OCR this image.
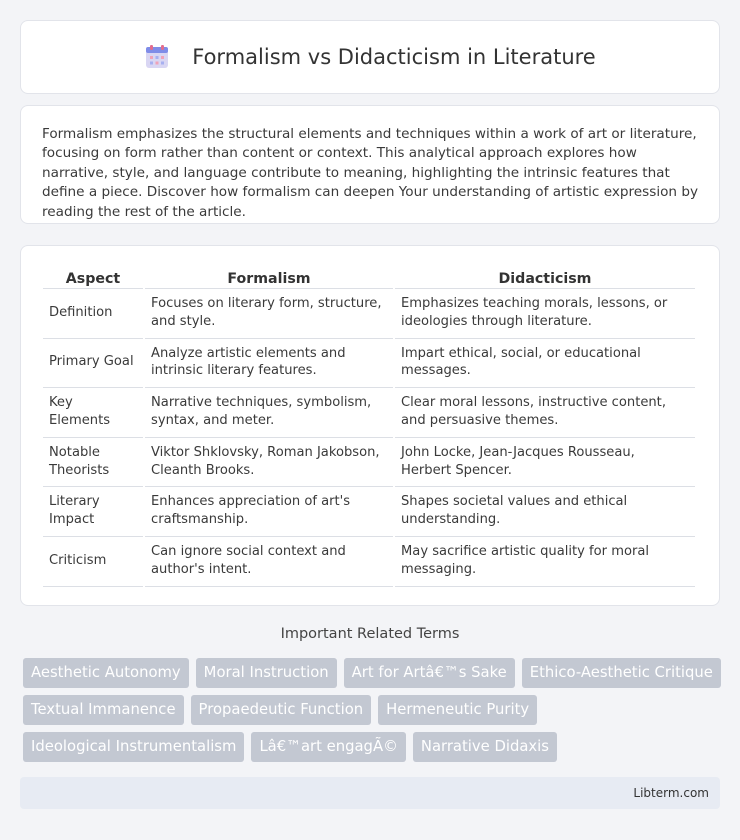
Formalism vs Didacticism in Literature

Formalism emphasizes the structural elements and techniques within a work of art or literature, focusing on form rather than content or context. This analytical approach explores how narrative, style, and language contribute to meaning, highlighting the intrinsic features that define a piece. Discover how formalism can deepen Your understanding of artistic expression by reading the rest of the article.

Aspect	Formalism	Didacticism
Definition	Focuses on literary form, structure, and style.	Emphasizes teaching morals, lessons, or ideologies through literature.
Primary Goal	Analyze artistic elements and intrinsic literary features.	Impart ethical, social, or educational messages.
Key Elements	Narrative techniques, symbolism, syntax, and meter.	Clear moral lessons, instructive content, and persuasive themes.
Notable Theorists	Viktor Shklovsky, Roman Jakobson, Cleanth Brooks.	John Locke, Jean-Jacques Rousseau, Herbert Spencer.
Literary Impact	Enhances appreciation of art's craftsmanship.	Shapes societal values and ethical understanding.
Criticism	Can ignore social context and author's intent.	May sacrifice artistic quality for moral messaging.
Important Related Terms
Aesthetic Autonomy	Moral Instruction	Art for Artâ€™s Sake	Ethico-Aesthetic Critique
Textual Immanence	Propaedeutic Function	Hermeneutic Purity
Ideological Instrumentalism	Lâ€™art engagÃ©	Narrative Didaxis
Libterm.com
